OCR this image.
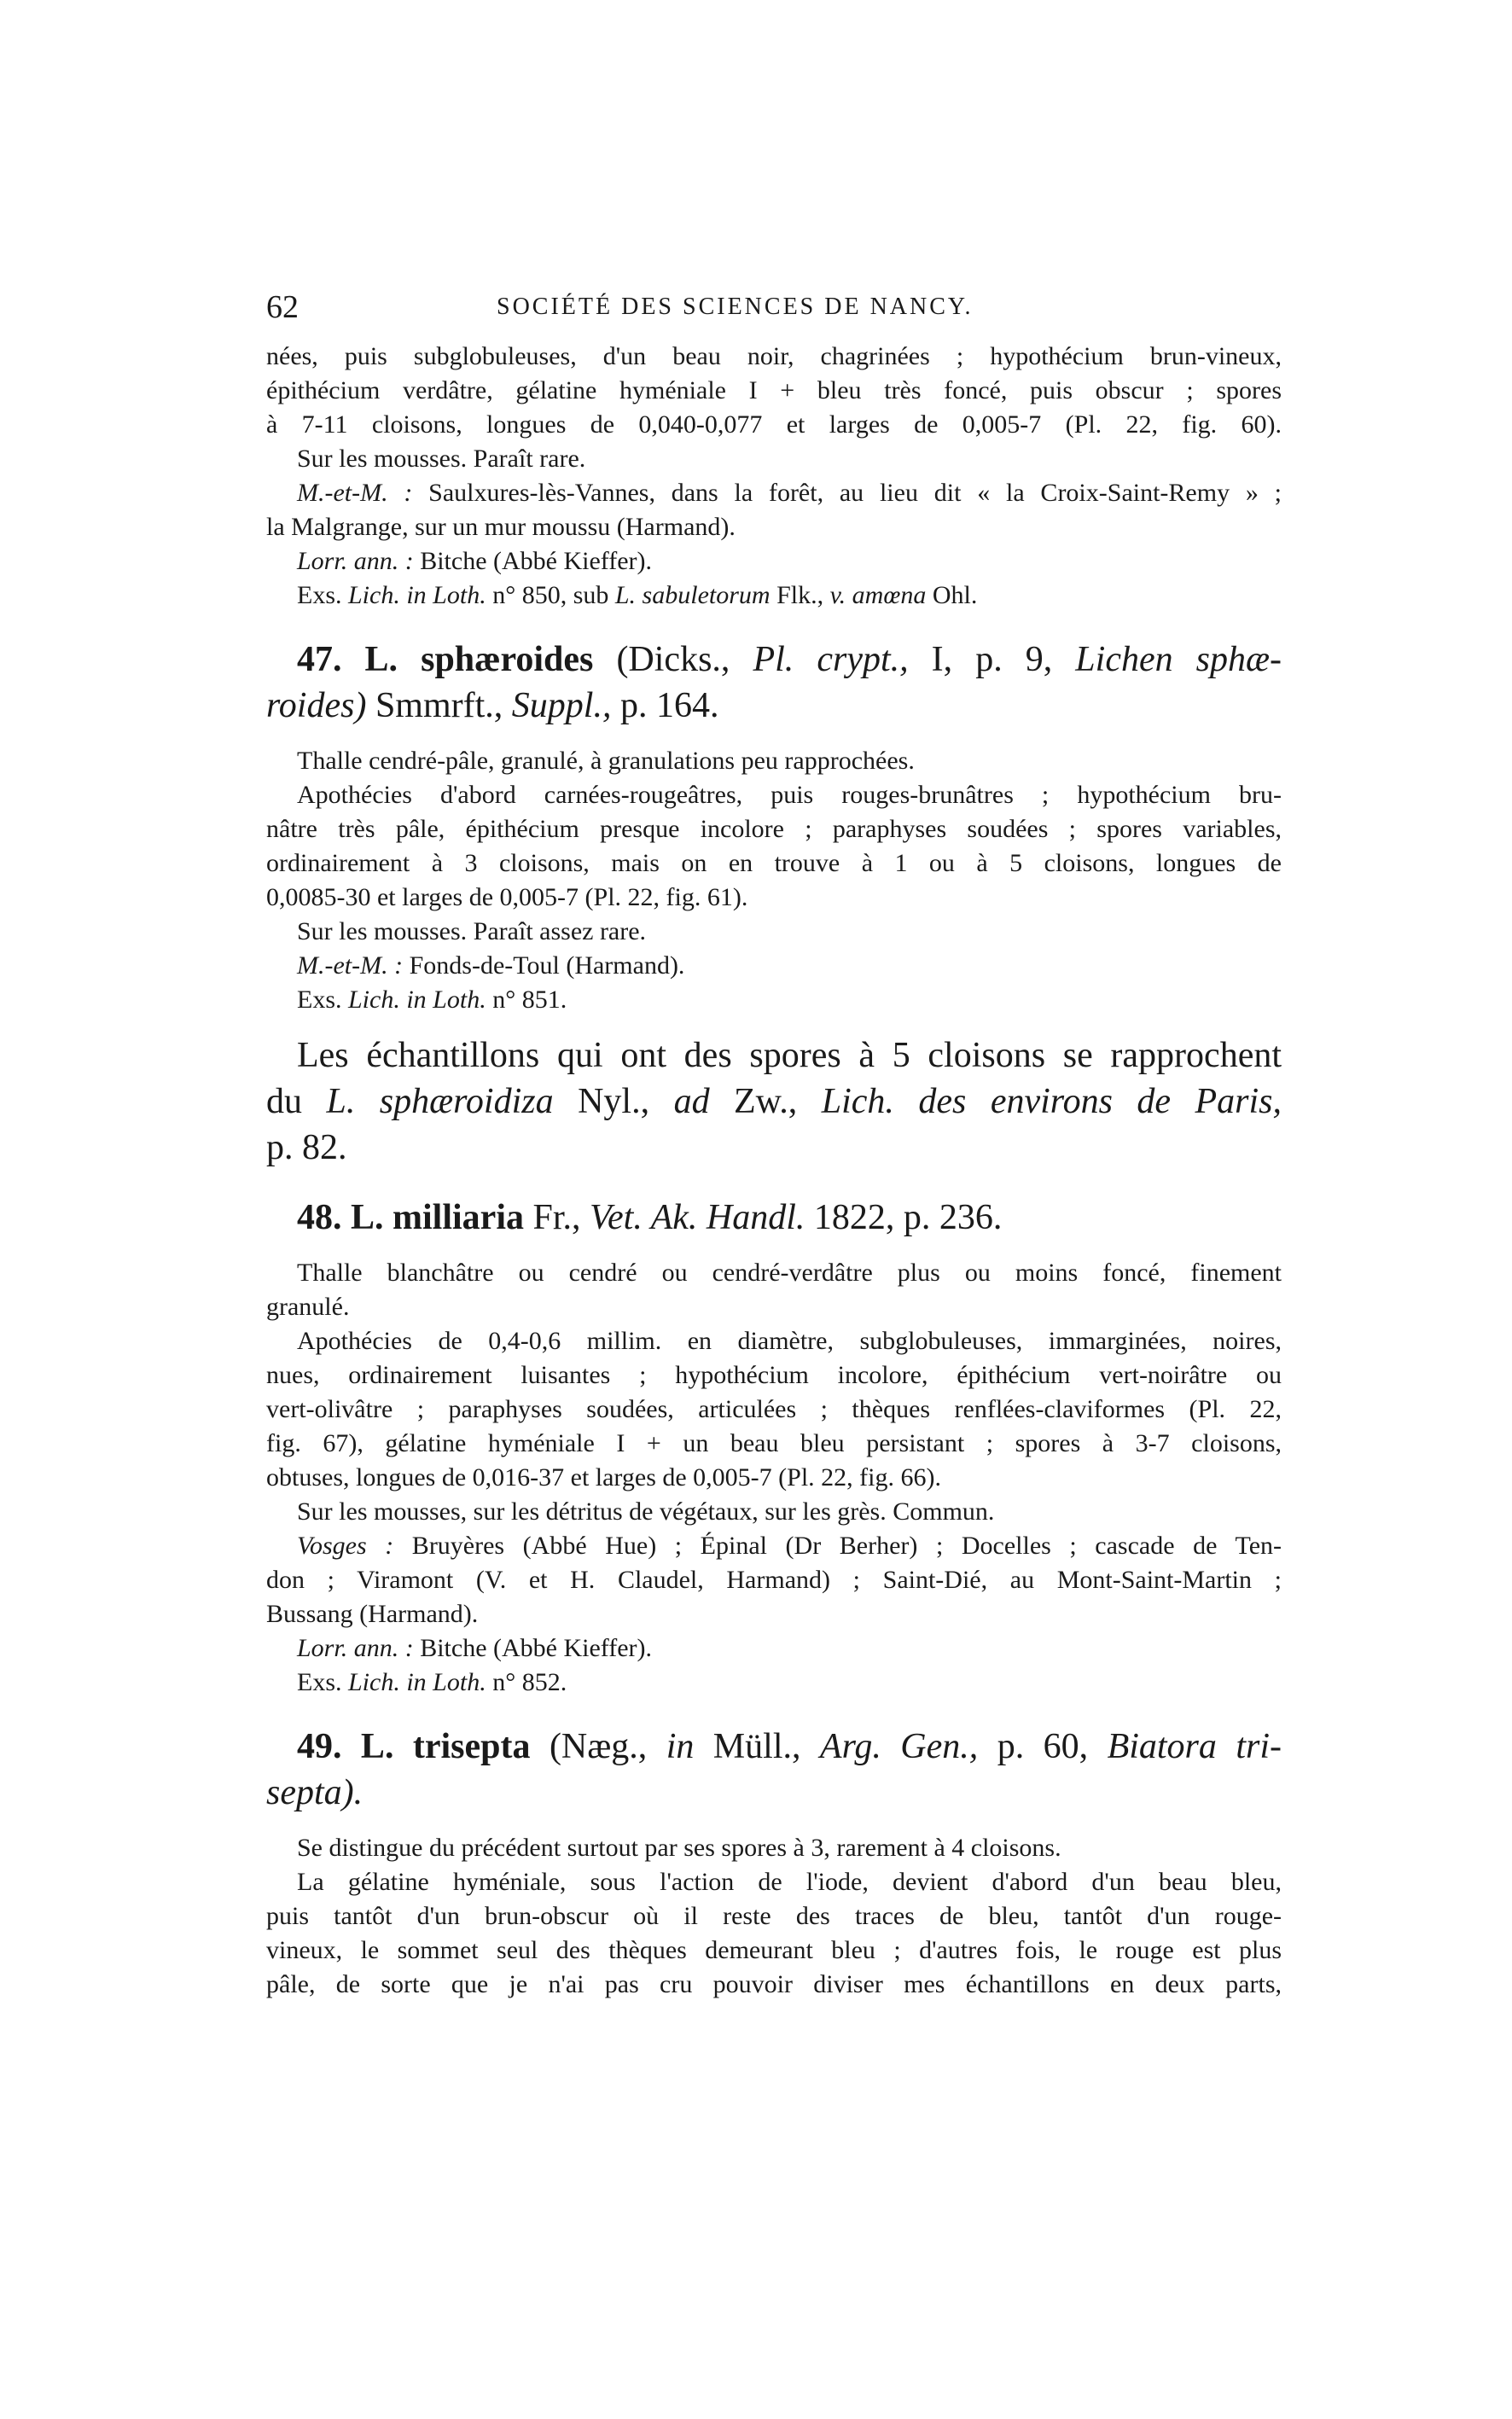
62	SOCIÉTÉ DES SCIENCES DE NANCY.
nées, puis subglobuleuses, d'un beau noir, chagrinées ; hypothécium brun-vineux,
épithécium verdâtre, gélatine hyméniale I + bleu très foncé, puis obscur ; spores
à 7-11 cloisons, longues de 0,040-0,077 et larges de 0,005-7 (Pl. 22, fig. 60).
Sur les mousses. Paraît rare.
M.-et-M. : Saulxures-lès-Vannes, dans la forêt, au lieu dit « la Croix-Saint-Remy » ;
la Malgrange, sur un mur moussu (Harmand).
Lorr. ann. : Bitche (Abbé Kieffer).
Exs. Lich. in Loth. n° 850, sub L. sabuletorum Flk., v. amœna Ohl.
47. L. sphæroides (Dicks., Pl. crypt., I, p. 9, Lichen sphæ-
roides) Smmrft., Suppl., p. 164.
Thalle cendré-pâle, granulé, à granulations peu rapprochées.
Apothécies d'abord carnées-rougeâtres, puis rouges-brunâtres ; hypothécium bru-
nâtre très pâle, épithécium presque incolore ; paraphyses soudées ; spores variables,
ordinairement à 3 cloisons, mais on en trouve à 1 ou à 5 cloisons, longues de
0,0085-30 et larges de 0,005-7 (Pl. 22, fig. 61).
Sur les mousses. Paraît assez rare.
M.-et-M. : Fonds-de-Toul (Harmand).
Exs. Lich. in Loth. n° 851.
Les échantillons qui ont des spores à 5 cloisons se rapprochent
du L. sphæroidiza Nyl., ad Zw., Lich. des environs de Paris,
p. 82.
48. L. milliaria Fr., Vet. Ak. Handl. 1822, p. 236.
Thalle blanchâtre ou cendré ou cendré-verdâtre plus ou moins foncé, finement
granulé.
Apothécies de 0,4-0,6 millim. en diamètre, subglobuleuses, immarginées, noires,
nues, ordinairement luisantes ; hypothécium incolore, épithécium vert-noirâtre ou
vert-olivâtre ; paraphyses soudées, articulées ; thèques renflées-claviformes (Pl. 22,
fig. 67), gélatine hyméniale I + un beau bleu persistant ; spores à 3-7 cloisons,
obtuses, longues de 0,016-37 et larges de 0,005-7 (Pl. 22, fig. 66).
Sur les mousses, sur les détritus de végétaux, sur les grès. Commun.
Vosges : Bruyères (Abbé Hue) ; Épinal (Dr Berher) ; Docelles ; cascade de Ten-
don ; Viramont (V. et H. Claudel, Harmand) ; Saint-Dié, au Mont-Saint-Martin ;
Bussang (Harmand).
Lorr. ann. : Bitche (Abbé Kieffer).
Exs. Lich. in Loth. n° 852.
49. L. trisepta (Næg., in Müll., Arg. Gen., p. 60, Biatora tri-
septa).
Se distingue du précédent surtout par ses spores à 3, rarement à 4 cloisons.
La gélatine hyméniale, sous l'action de l'iode, devient d'abord d'un beau bleu,
puis tantôt d'un brun-obscur où il reste des traces de bleu, tantôt d'un rouge-
vineux, le sommet seul des thèques demeurant bleu ; d'autres fois, le rouge est plus
pâle, de sorte que je n'ai pas cru pouvoir diviser mes échantillons en deux parts,
